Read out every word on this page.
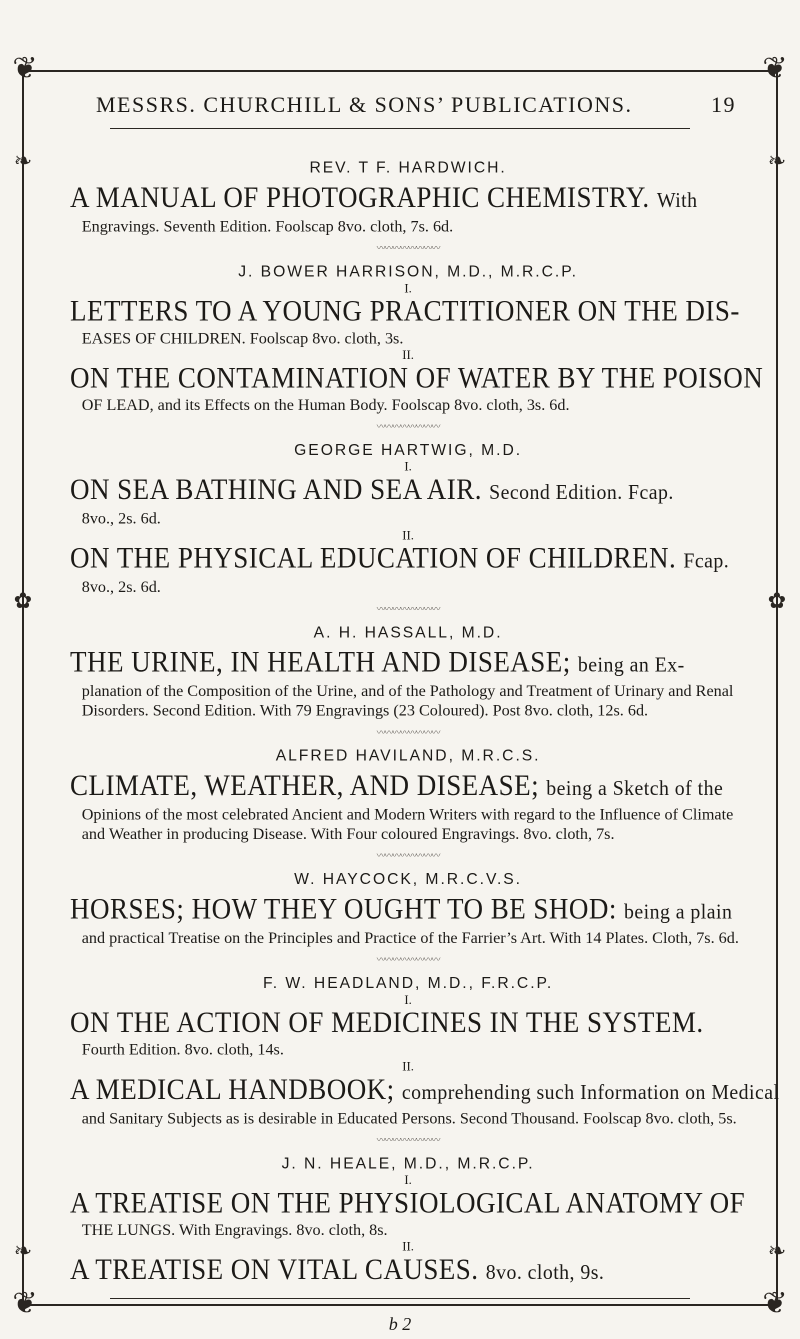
❦	❦
❦	❦
❧	❧
✿	✿
❧	❧
MESSRS. CHURCHILL & SONS’ PUBLICATIONS.	19

REV. T F. HARDWICH.

A MANUAL OF PHOTOGRAPHIC CHEMISTRY. With

Engravings. Seventh Edition. Foolscap 8vo. cloth, 7s. 6d.

〰〰〰〰〰〰〰〰

J. BOWER HARRISON, M.D., M.R.C.P.

I.

LETTERS TO A YOUNG PRACTITIONER ON THE DIS-

EASES OF CHILDREN. Foolscap 8vo. cloth, 3s.

II.

ON THE CONTAMINATION OF WATER BY THE POISON

OF LEAD, and its Effects on the Human Body. Foolscap 8vo. cloth, 3s. 6d.

〰〰〰〰〰〰〰〰

GEORGE HARTWIG, M.D.

I.

ON SEA BATHING AND SEA AIR. Second Edition. Fcap.

8vo., 2s. 6d.

II.

ON THE PHYSICAL EDUCATION OF CHILDREN. Fcap.

8vo., 2s. 6d.

〰〰〰〰〰〰〰〰

A. H. HASSALL, M.D.

THE URINE, IN HEALTH AND DISEASE; being an Ex-

planation of the Composition of the Urine, and of the Pathology and Treatment of Urinary and Renal Disorders. Second Edition. With 79 Engravings (23 Coloured). Post 8vo. cloth, 12s. 6d.

〰〰〰〰〰〰〰〰

ALFRED HAVILAND, M.R.C.S.

CLIMATE, WEATHER, AND DISEASE; being a Sketch of the

Opinions of the most celebrated Ancient and Modern Writers with regard to the Influence of Climate and Weather in producing Disease. With Four coloured Engravings. 8vo. cloth, 7s.

〰〰〰〰〰〰〰〰

W. HAYCOCK, M.R.C.V.S.

HORSES; HOW THEY OUGHT TO BE SHOD: being a plain

and practical Treatise on the Principles and Practice of the Farrier’s Art. With 14 Plates. Cloth, 7s. 6d.

〰〰〰〰〰〰〰〰

F. W. HEADLAND, M.D., F.R.C.P.

I.

ON THE ACTION OF MEDICINES IN THE SYSTEM.

Fourth Edition. 8vo. cloth, 14s.

II.

A MEDICAL HANDBOOK; comprehending such Information on Medical

and Sanitary Subjects as is desirable in Educated Persons. Second Thousand. Foolscap 8vo. cloth, 5s.

〰〰〰〰〰〰〰〰

J. N. HEALE, M.D., M.R.C.P.

I.

A TREATISE ON THE PHYSIOLOGICAL ANATOMY OF

THE LUNGS. With Engravings. 8vo. cloth, 8s.

II.

A TREATISE ON VITAL CAUSES. 8vo. cloth, 9s.

b 2
